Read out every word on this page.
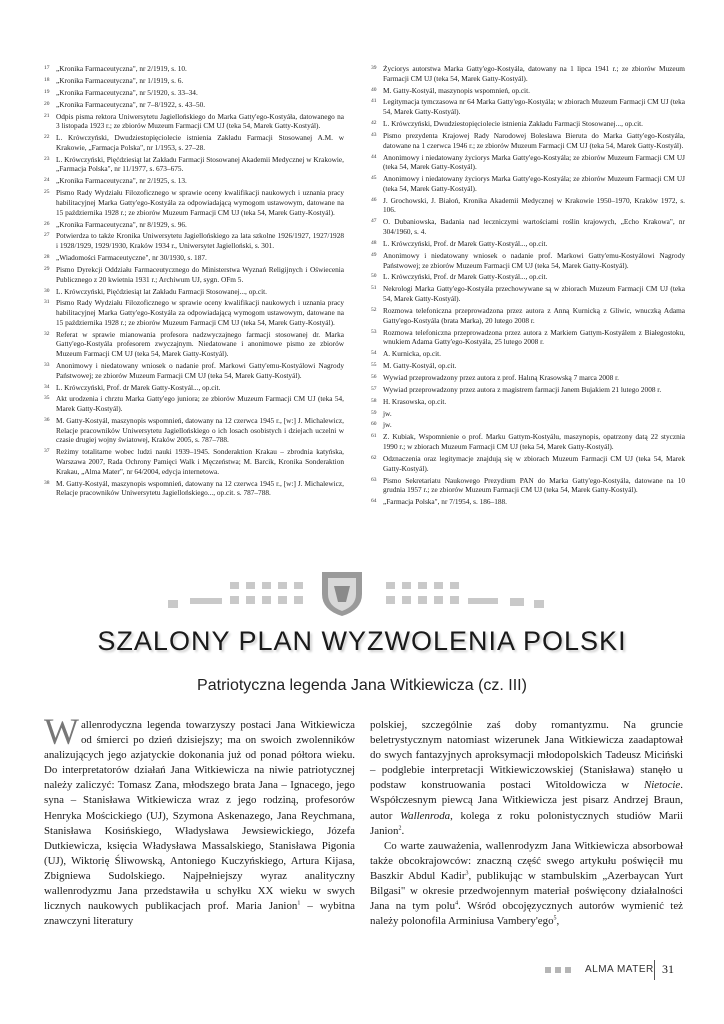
17 „Kronika Farmaceutyczna", nr 2/1919, s. 10.
18 „Kronika Farmaceutyczna", nr 1/1919, s. 6.
19 „Kronika Farmaceutyczna", nr 5/1920, s. 33–34.
20 „Kronika Farmaceutyczna", nr 7–8/1922, s. 43–50.
21 Odpis pisma rektora Uniwersytetu Jagiellońskiego do Marka Gatty'ego-Kostyáła, datowanego na 3 listopada 1923 r.; ze zbiorów Muzeum Farmacji CM UJ (teka 54, Marek Gatty-Kostyál).
22 L. Krówczyński, Dwudziestopięciolecie istnienia Zakładu Farmacji Stosowanej A.M. w Krakowie, „Farmacja Polska", nr 1/1953, s. 27–28.
23 L. Krówczyński, Pięćdziesiąt lat Zakładu Farmacji Stosowanej Akademii Medycznej w Krakowie, „Farmacja Polska", nr 11/1977, s. 673–675.
24 „Kronika Farmaceutyczna", nr 2/1925, s. 13.
25 Pismo Rady Wydziału Filozoficznego w sprawie oceny kwalifikacji naukowych i uznania pracy habilitacyjnej Marka Gatty'ego-Kostyála za odpowiadającą wymogom ustawowym, datowane na 15 października 1928 r.; ze zbiorów Muzeum Farmacji CM UJ (teka 54, Marek Gatty-Kostyál).
26 „Kronika Farmaceutyczna", nr 8/1929, s. 96.
27 Potwierdza to także Kronika Uniwersytetu Jagiellońskiego za lata szkolne 1926/1927, 1927/1928 i 1928/1929, 1929/1930, Kraków 1934 r., Uniwersytet Jagielloński, s. 301.
28 „Wiadomości Farmaceutyczne", nr 30/1930, s. 187.
29 Pismo Dyrekcji Oddziału Farmaceutycznego do Ministerstwa Wyznań Religijnych i Oświecenia Publicznego z 20 kwietnia 1931 r.; Archiwum UJ, sygn. OFm 5.
30 L. Krówczyński, Pięćdziesiąt lat Zakładu Farmacji Stosowanej..., op.cit.
31 Pismo Rady Wydziału Filozoficznego w sprawie oceny kwalifikacji naukowych i uznania pracy habilitacyjnej Marka Gatty'ego-Kostyála za odpowiadającą wymogom ustawowym, datowane na 15 października 1928 r.; ze zbiorów Muzeum Farmacji CM UJ (teka 54, Marek Gatty-Kostyál).
32 Referat w sprawie mianowania profesora nadzwyczajnego farmacji stosowanej dr. Marka Gatty'ego-Kostyála profesorem zwyczajnym. Niedatowane i anonimowe pismo ze zbiorów Muzeum Farmacji CM UJ (teka 54, Marek Gatty-Kostyál).
33 Anonimowy i niedatowany wniosek o nadanie prof. Markowi Gatty'emu-Kostyálowi Nagrody Państwowej; ze zbiorów Muzeum Farmacji CM UJ (teka 54, Marek Gatty-Kostyál).
34 L. Krówczyński, Prof. dr Marek Gatty-Kostyál..., op.cit.
35 Akt urodzenia i chrztu Marka Gatty'ego juniora; ze zbiorów Muzeum Farmacji CM UJ (teka 54, Marek Gatty-Kostyál).
36 M. Gatty-Kostyál, maszynopis wspomnień, datowany na 12 czerwca 1945 r., [w:] J. Michalewicz, Relacje pracowników Uniwersytetu Jagiellońskiego o ich losach osobistych i dziejach uczelni w czasie drugiej wojny światowej, Kraków 2005, s. 787–788.
37 Reżimy totalitarne wobec ludzi nauki 1939–1945. Sonderaktion Krakau – zbrodnia katyńska, Warszawa 2007, Rada Ochrony Pamięci Walk i Męczeństwa; M. Barcik, Kronika Sonderaktion Krakau, „Alma Mater", nr 64/2004, edycja internetowa.
38 M. Gatty-Kostyál, maszynopis wspomnień, datowany na 12 czerwca 1945 r., [w:] J. Michalewicz, Relacje pracowników Uniwersytetu Jagiellońskiego..., op.cit. s. 787–788.
39 Życiorys autorstwa Marka Gatty'ego-Kostyála, datowany na 1 lipca 1941 r.; ze zbiorów Muzeum Farmacji CM UJ (teka 54, Marek Gatty-Kostyál).
40 M. Gatty-Kostyál, maszynopis wspomnień, op.cit.
41 Legitymacja tymczasowa nr 64 Marka Gatty'ego-Kostyála; w zbiorach Muzeum Farmacji CM UJ (teka 54, Marek Gatty-Kostyál).
42 L. Krówczyński, Dwudziestopięciolecie istnienia Zakładu Farmacji Stosowanej..., op.cit.
43 Pismo prezydenta Krajowej Rady Narodowej Bolesława Bieruta do Marka Gatty'ego-Kostyála, datowane na 1 czerwca 1946 r.; ze zbiorów Muzeum Farmacji CM UJ (teka 54, Marek Gatty-Kostyál).
44 Anonimowy i niedatowany życiorys Marka Gatty'ego-Kostyála; ze zbiorów Muzeum Farmacji CM UJ (teka 54, Marek Gatty-Kostyál).
45 Anonimowy i niedatowany życiorys Marka Gatty'ego-Kostyála; ze zbiorów Muzeum Farmacji CM UJ (teka 54, Marek Gatty-Kostyál).
46 J. Grochowski, J. Białoń, Kronika Akademii Medycznej w Krakowie 1950–1970, Kraków 1972, s. 106.
47 O. Dubaniowska, Badania nad leczniczymi wartościami roślin krajowych, „Echo Krakowa", nr 304/1960, s. 4.
48 L. Krówczyński, Prof. dr Marek Gatty-Kostyál..., op.cit.
49 Anonimowy i niedatowany wniosek o nadanie prof. Markowi Gatty'emu-Kostyálowi Nagrody Państwowej; ze zbiorów Muzeum Farmacji CM UJ (teka 54, Marek Gatty-Kostyál).
50 L. Krówczyński, Prof. dr Marek Gatty-Kostyál..., op.cit.
51 Nekrologi Marka Gatty'ego-Kostyála przechowywane są w zbiorach Muzeum Farmacji CM UJ (teka 54, Marek Gatty-Kostyál).
52 Rozmowa telefoniczna przeprowadzona przez autora z Anną Kurnicką z Gliwic, wnuczką Adama Gatty'ego-Kostyála (brata Marka), 20 lutego 2008 r.
53 Rozmowa telefoniczna przeprowadzona przez autora z Markiem Gattym-Kostyálem z Białegostoku, wnukiem Adama Gatty'ego-Kostyála, 25 lutego 2008 r.
54 A. Kurnicka, op.cit.
55 M. Gatty-Kostyál, op.cit.
56 Wywiad przeprowadzony przez autora z prof. Halıną Krasowską 7 marca 2008 r.
57 Wywiad przeprowadzony przez autora z magistrem farmacji Janem Bujakiem 21 lutego 2008 r.
58 H. Krasowska, op.cit.
59 jw.
60 jw.
61 Z. Kubiak, Wspomnienie o prof. Marku Gattym-Kostyálu, maszynopis, opatrzony datą 22 stycznia 1990 r.; w zbiorach Muzeum Farmacji CM UJ (teka 54, Marek Gatty-Kostyál).
62 Odznaczenia oraz legitymacje znajdują się w zbiorach Muzeum Farmacji CM UJ (teka 54, Marek Gatty-Kostyál).
63 Pismo Sekretariatu Naukowego Prezydium PAN do Marka Gatty'ego-Kostyála, datowane na 10 grudnia 1957 r.; ze zbiorów Muzeum Farmacji CM UJ (teka 54, Marek Gatty-Kostyál).
64 „Farmacja Polska", nr 7/1954, s. 186–188.
SZALONY PLAN WYZWOLENIA POLSKI
Patriotyczna legenda Jana Witkiewicza (cz. III)
Wallenrodyczna legenda towarzyszy postaci Jana Witkiewicza od śmierci po dzień dzisiejszy; ma on swoich zwolenników analizujących jego azjatyckie dokonania już od ponad półtora wieku. Do interpretatorów działań Jana Witkiewicza na niwie patriotycznej należy zaliczyć: Tomasz Zana, młodszego brata Jana – Ignacego, jego syna – Stanisława Witkiewicza wraz z jego rodziną, profesorów Henryka Mościckiego (UJ), Szymona Askenazego, Jana Reychmana, Stanisława Kosińskiego, Władysława Jewsiewickiego, Józefa Dutkiewicza, księcia Władysława Massalskiego, Stanisława Pigonia (UJ), Wiktorię Śliwowską, Antoniego Kuczyńskiego, Artura Kijasa, Zbigniewa Sudolskiego. Najpełniejszy wyraz analityczny wallenrodyzmu Jana przedstawiła u schyłku XX wieku w swych licznych naukowych publikacjach prof. Maria Janion$^1$ – wybitna znawczyni literatury
polskiej, szczególnie zaś doby romantyzmu. Na gruncie beletrystycznym natomiast wizerunek Jana Witkiewicza zaadaptował do swych fantazyjnych aproksymacji młodopolskich Tadeusz Miciński – podglebie interpretacji Witkiewiczowskiej (Stanisława) stanęło u podstaw konstruowania postaci Witoldowicza w Nietocie. Współczesnym piewcą Jana Witkiewicza jest pisarz Andrzej Braun, autor Wallenroda, kolega z roku polonistycznych studiów Marii Janion$^2$.
Co warte zauważenia, wallenrodyzm Jana Witkiewicza absorbował także obcokrajowców: znaczną część swego artykułu poświęcił mu Baszkir Abdul Kadir$^3$, publikując w stambulskim „Azerbaycan Yurt Bilgasi" w okresie przedwojennym materiał poświęcony działalności Jana na tym polu$^4$. Wśród obcojęzycznych autorów wymienić też należy polonofila Arminiusa Vambery'ego$^5$,
ALMA MATER 31
